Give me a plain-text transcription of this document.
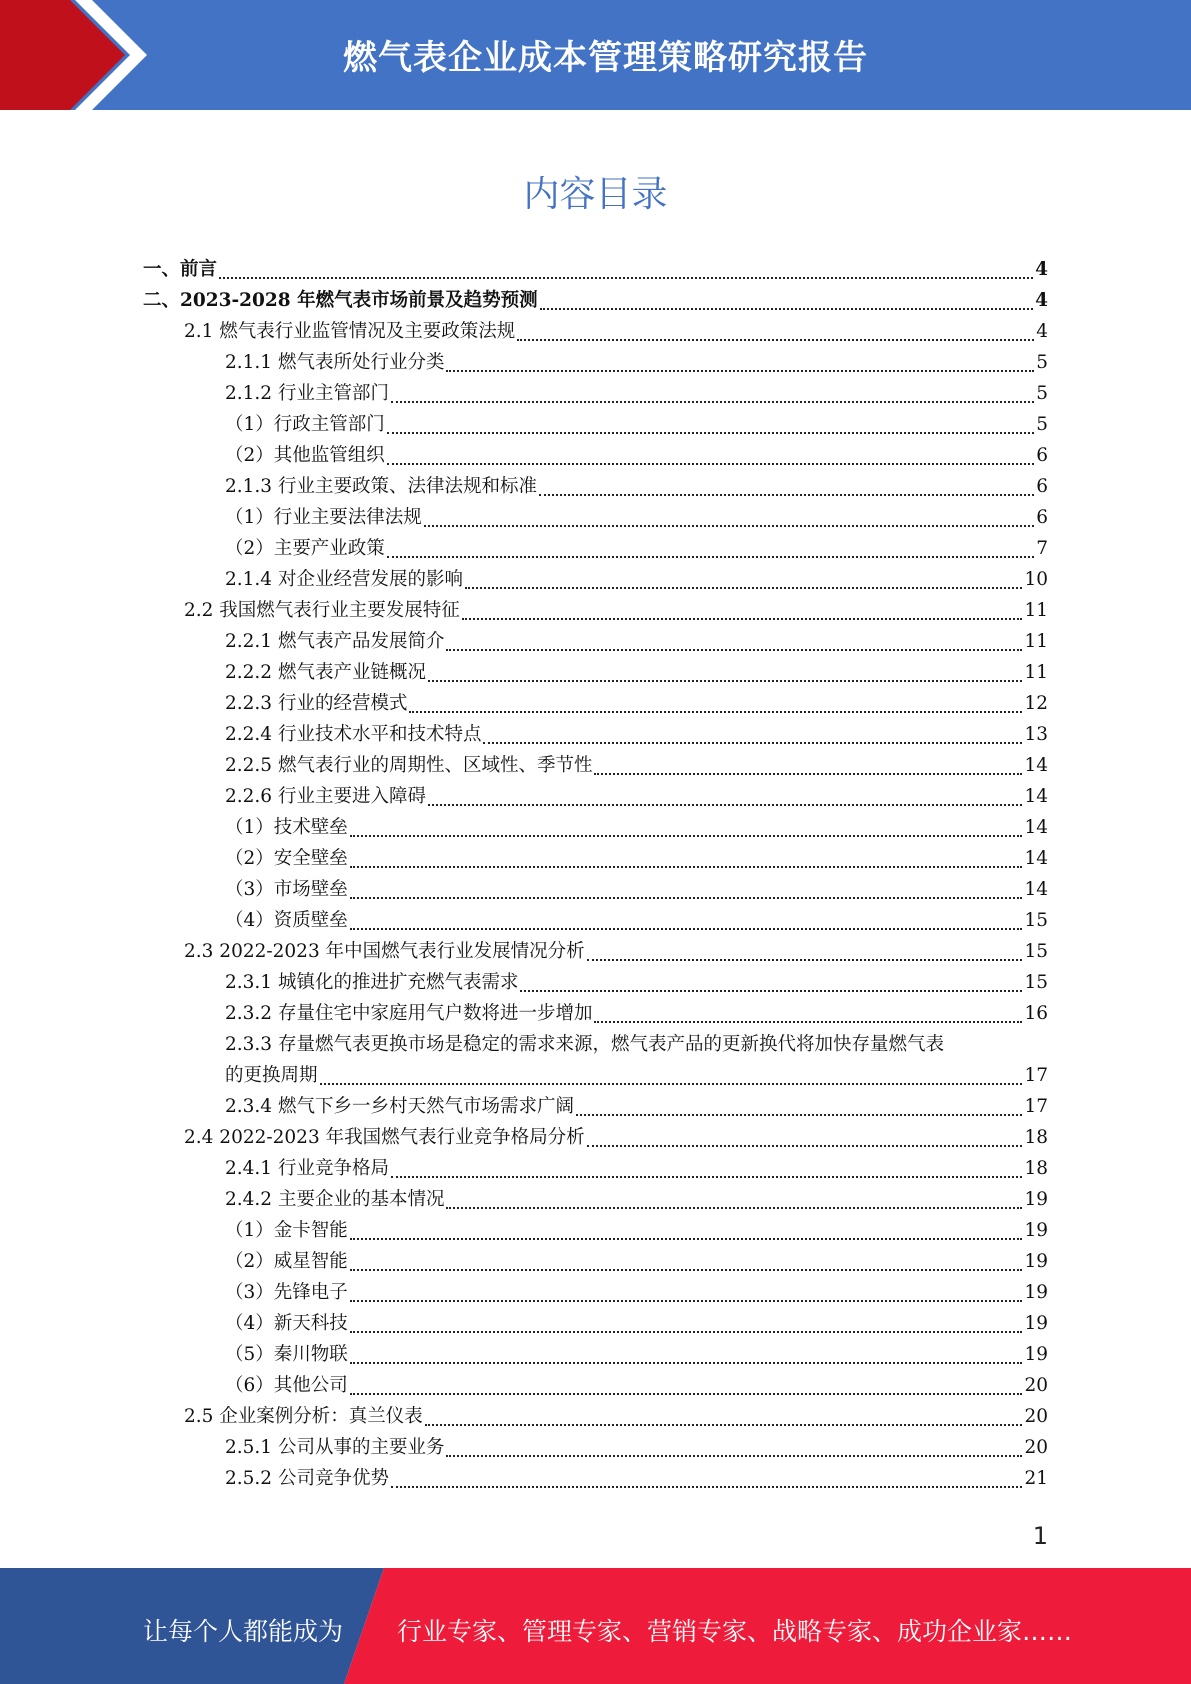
燃气表企业成本管理策略研究报告
内容目录
一、前言	4
二、2023-2028 年燃气表市场前景及趋势预测	4
2.1 燃气表行业监管情况及主要政策法规	4
2.1.1 燃气表所处行业分类	5
2.1.2 行业主管部门	5
（1）行政主管部门	5
（2）其他监管组织	6
2.1.3 行业主要政策、法律法规和标准	6
（1）行业主要法律法规	6
（2）主要产业政策	7
2.1.4 对企业经营发展的影响	10
2.2 我国燃气表行业主要发展特征	11
2.2.1 燃气表产品发展简介	11
2.2.2 燃气表产业链概况	11
2.2.3 行业的经营模式	12
2.2.4 行业技术水平和技术特点	13
2.2.5 燃气表行业的周期性、区域性、季节性	14
2.2.6 行业主要进入障碍	14
（1）技术壁垒	14
（2）安全壁垒	14
（3）市场壁垒	14
（4）资质壁垒	15
2.3 2022-2023 年中国燃气表行业发展情况分析	15
2.3.1 城镇化的推进扩充燃气表需求	15
2.3.2 存量住宅中家庭用气户数将进一步增加	16
2.3.3 存量燃气表更换市场是稳定的需求来源，燃气表产品的更新换代将加快存量燃气表
的更换周期	17
2.3.4 燃气下乡一乡村天然气市场需求广阔	17
2.4 2022-2023 年我国燃气表行业竞争格局分析	18
2.4.1 行业竞争格局	18
2.4.2 主要企业的基本情况	19
（1）金卡智能	19
（2）威星智能	19
（3）先锋电子	19
（4）新天科技	19
（5）秦川物联	19
（6）其他公司	20
2.5 企业案例分析：真兰仪表	20
2.5.1 公司从事的主要业务	20
2.5.2 公司竞争优势	21
1
让每个人都能成为 行业专家、管理专家、营销专家、战略专家、成功企业家……
